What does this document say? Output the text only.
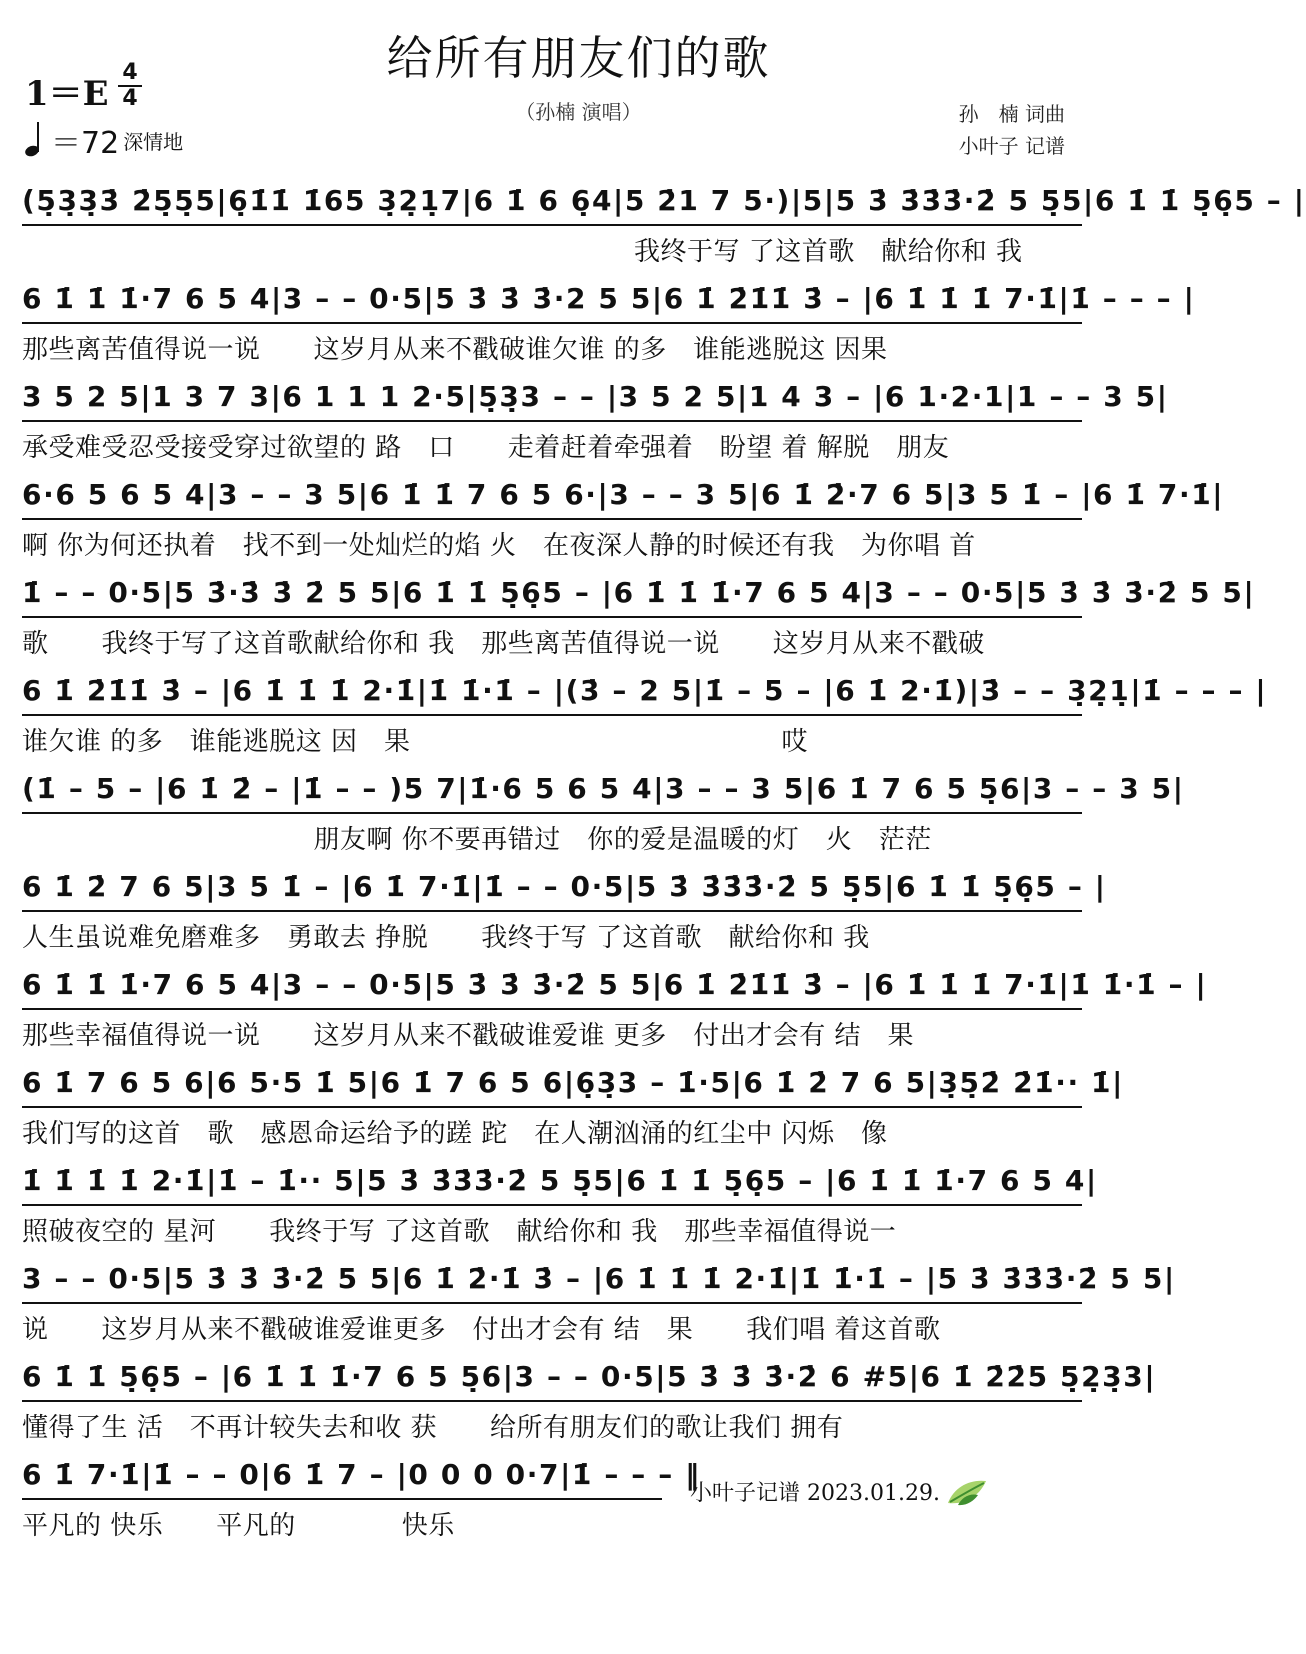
给所有朋友们的歌
（孙楠 演唱）
1＝E
4
4
＝72 深情地
孙　楠 词曲
小叶子 记谱
(5̣3̣3̣3̇ 2̇5̣5̣5|6̣1̇1̇ 1̇65 3̣2̣1̣7|6 1̇ 6 6̣4|5 2̇1 7 5·)|5|5 3̇ 3̇3̇3̇·2̇ 5 5̣5|6 1̇ 1̇ 5̣6̣5 – |
我终于写 了这首歌　献给你和 我
6 1̇ 1̇ 1̇·7 6 5 4|3 – – 0·5|5 3̇ 3̇ 3̇·2 5 5|6 1̇ 2̇1̇1̇ 3̇ – |6 1̇ 1̇ 1̇ 7·1̇|1̇ – – – |
那些离苦值得说一说　　这岁月从来不戳破谁欠谁 的多　谁能逃脱这 因果
3 5 2 5|1 3 7 3|6 1 1 1 2·5|5̣3̣3 – – |3 5 2 5|1 4 3 – |6 1·2·1|1 – – 3 5|
承受难受忍受接受穿过欲望的 路　口　　走着赶着牵强着　盼望 着 解脱　朋友
6·6 5 6 5 4|3 – – 3 5|6 1̇ 1̇ 7 6 5 6·|3 – – 3 5|6 1̇ 2̇·7 6 5|3 5 1̇ – |6 1̇ 7·1̇|
啊 你为何还执着　找不到一处灿烂的焰 火　在夜深人静的时候还有我　为你唱 首
1̇ – – 0·5|5 3̇·3̇ 3̇ 2̇ 5 5|6 1̇ 1̇ 5̣6̣5 – |6 1̇ 1̇ 1̇·7 6 5 4|3 – – 0·5|5 3̇ 3̇ 3̇·2̇ 5 5|
歌　　我终于写了这首歌献给你和 我　那些离苦值得说一说　　这岁月从来不戳破
6 1̇ 2̇1̇1̇ 3̇ – |6 1̇ 1̇ 1̇ 2·1̇|1̇ 1̇·1̇ – |(3̇ – 2 5|1̇ – 5 – |6 1̇ 2·1̇)|3̇ – – 3̣2̣1̣|1̇ – – – |
谁欠谁 的多　谁能逃脱这 因　果　　　　　　　　　　　　　　哎
(1̇ – 5 – |6 1̇ 2̇ – |1̇ – – )5 7|1̇·6 5 6 5 4|3 – – 3 5|6 1̇ 7 6 5 5̣6|3 – – 3 5|
　　　　　　　　　　　朋友啊 你不要再错过　你的爱是温暖的灯　火　茫茫
6 1̇ 2̇ 7 6 5|3 5 1̇ – |6 1̇ 7·1̇|1̇ – – 0·5|5 3̇ 3̇3̇3̇·2̇ 5 5̣5|6 1̇ 1̇ 5̣6̣5 – |
人生虽说难免磨难多　勇敢去 挣脱　　我终于写 了这首歌　献给你和 我
6 1̇ 1̇ 1̇·7 6 5 4|3 – – 0·5|5 3̇ 3̇ 3̇·2̇ 5 5|6 1̇ 2̇1̇1̇ 3̇ – |6 1̇ 1̇ 1̇ 7·1̇|1̇ 1̇·1̇ – |
那些幸福值得说一说　　这岁月从来不戳破谁爱谁 更多　付出才会有 结　果
6 1̇ 7 6 5 6|6 5·5 1̇ 5|6 1̇ 7 6 5 6|6̣3̣3 – 1̇·5|6 1̇ 2̇ 7 6 5|3̣5̣2̇ 2̇1̇·· 1̇|
我们写的这首　歌　感恩命运给予的蹉 跎　在人潮汹涌的红尘中 闪烁　像
1̇ 1̇ 1̇ 1̇ 2·1̇|1̇ – 1̇·· 5|5 3̇ 3̇3̇3̇·2̇ 5 5̣5|6 1̇ 1̇ 5̣6̣5 – |6 1̇ 1̇ 1̇·7 6 5 4|
照破夜空的 星河　　我终于写 了这首歌　献给你和 我　那些幸福值得说一
3 – – 0·5|5 3̇ 3̇ 3̇·2̇ 5 5|6 1̇ 2̇·1̇ 3̇ – |6 1̇ 1̇ 1̇ 2·1̇|1̇ 1̇·1̇ – |5 3̇ 3̇3̇3̇·2̇ 5 5|
说　　这岁月从来不戳破谁爱谁更多　付出才会有 结　果　　我们唱 着这首歌
6 1̇ 1̇ 5̣6̣5 – |6 1̇ 1̇ 1̇·7 6 5 5̣6|3 – – 0·5|5 3̇ 3̇ 3̇·2̇ 6 #5|6 1̇ 2̇2̇5 5̣2̣3̣3|
懂得了生 活　不再计较失去和收 获　　给所有朋友们的歌让我们 拥有
6 1̇ 7·1̇|1̇ – – 0|6 1̇ 7 – |0 0 0 0·7|1̇ – – – ‖
平凡的 快乐　　平凡的　　　　快乐
小叶子记谱 2023.01.29.
